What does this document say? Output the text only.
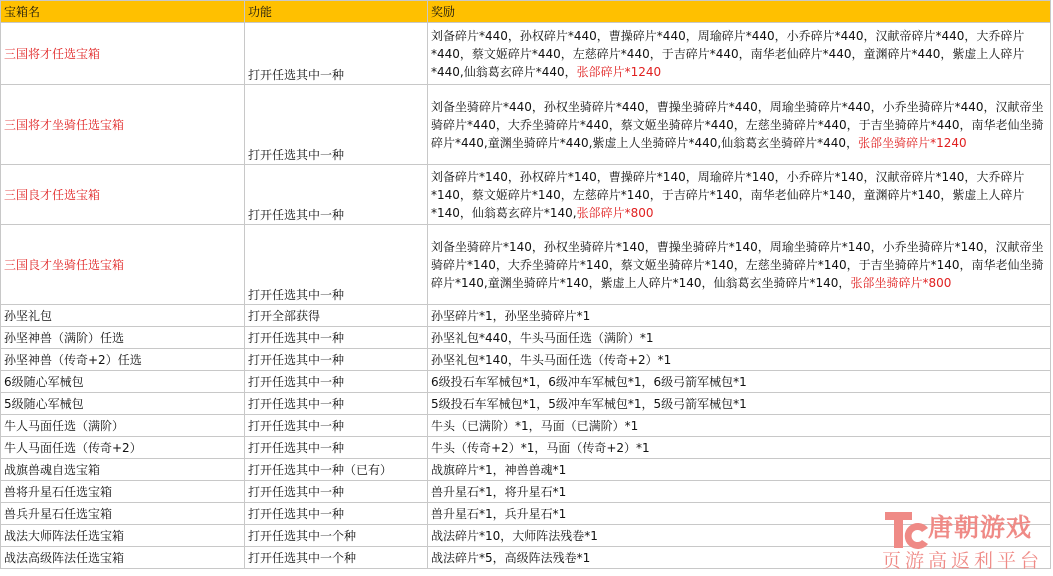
宝箱名	功能	奖励
三国将才任选宝箱	打开任选其中一种	刘备碎片*440，孙权碎片*440，曹操碎片*440，周瑜碎片*440，小乔碎片*440，汉献帝碎片*440，大乔碎片*440，蔡文姬碎片*440，左慈碎片*440，于吉碎片*440，南华老仙碎片*440，童渊碎片*440，紫虚上人碎片*440,仙翁葛玄碎片*440，张郃碎片*1240
三国将才坐骑任选宝箱	打开任选其中一种	刘备坐骑碎片*440，孙权坐骑碎片*440，曹操坐骑碎片*440，周瑜坐骑碎片*440，小乔坐骑碎片*440，汉献帝坐骑碎片*440，大乔坐骑碎片*440，蔡文姬坐骑碎片*440，左慈坐骑碎片*440，于吉坐骑碎片*440，南华老仙坐骑碎片*440,童渊坐骑碎片*440,紫虚上人坐骑碎片*440,仙翁葛玄坐骑碎片*440，张郃坐骑碎片*1240
三国良才任选宝箱	打开任选其中一种	刘备碎片*140，孙权碎片*140，曹操碎片*140，周瑜碎片*140，小乔碎片*140，汉献帝碎片*140，大乔碎片*140，蔡文姬碎片*140，左慈碎片*140，于吉碎片*140，南华老仙碎片*140，童渊碎片*140，紫虚上人碎片*140，仙翁葛玄碎片*140,张郃碎片*800
三国良才坐骑任选宝箱	打开任选其中一种	刘备坐骑碎片*140，孙权坐骑碎片*140，曹操坐骑碎片*140，周瑜坐骑碎片*140，小乔坐骑碎片*140，汉献帝坐骑碎片*140，大乔坐骑碎片*140，蔡文姬坐骑碎片*140，左慈坐骑碎片*140，于吉坐骑碎片*140，南华老仙坐骑碎片*140,童渊坐骑碎片*140，紫虚上人碎片*140，仙翁葛玄坐骑碎片*140，张郃坐骑碎片*800
孙坚礼包	打开全部获得	孙坚碎片*1，孙坚坐骑碎片*1
孙坚神兽（满阶）任选	打开任选其中一种	孙坚礼包*440，牛头马面任选（满阶）*1
孙坚神兽（传奇+2）任选	打开任选其中一种	孙坚礼包*140，牛头马面任选（传奇+2）*1
6级随心军械包	打开任选其中一种	6级投石车军械包*1，6级冲车军械包*1，6级弓箭军械包*1
5级随心军械包	打开任选其中一种	5级投石车军械包*1，5级冲车军械包*1，5级弓箭军械包*1
牛人马面任选（满阶）	打开任选其中一种	牛头（已满阶）*1，马面（已满阶）*1
牛人马面任选（传奇+2）	打开任选其中一种	牛头（传奇+2）*1，马面（传奇+2）*1
战旗兽魂自选宝箱	打开任选其中一种（已有）	战旗碎片*1，神兽兽魂*1
兽将升星石任选宝箱	打开任选其中一种	兽升星石*1，将升星石*1
兽兵升星石任选宝箱	打开任选其中一种	兽升星石*1，兵升星石*1
战法大师阵法任选宝箱	打开任选其中一个种	战法碎片*10，大师阵法残卷*1
战法高级阵法任选宝箱	打开任选其中一个种	战法碎片*5，高级阵法残卷*1
唐朝游戏
页游高返利平台
